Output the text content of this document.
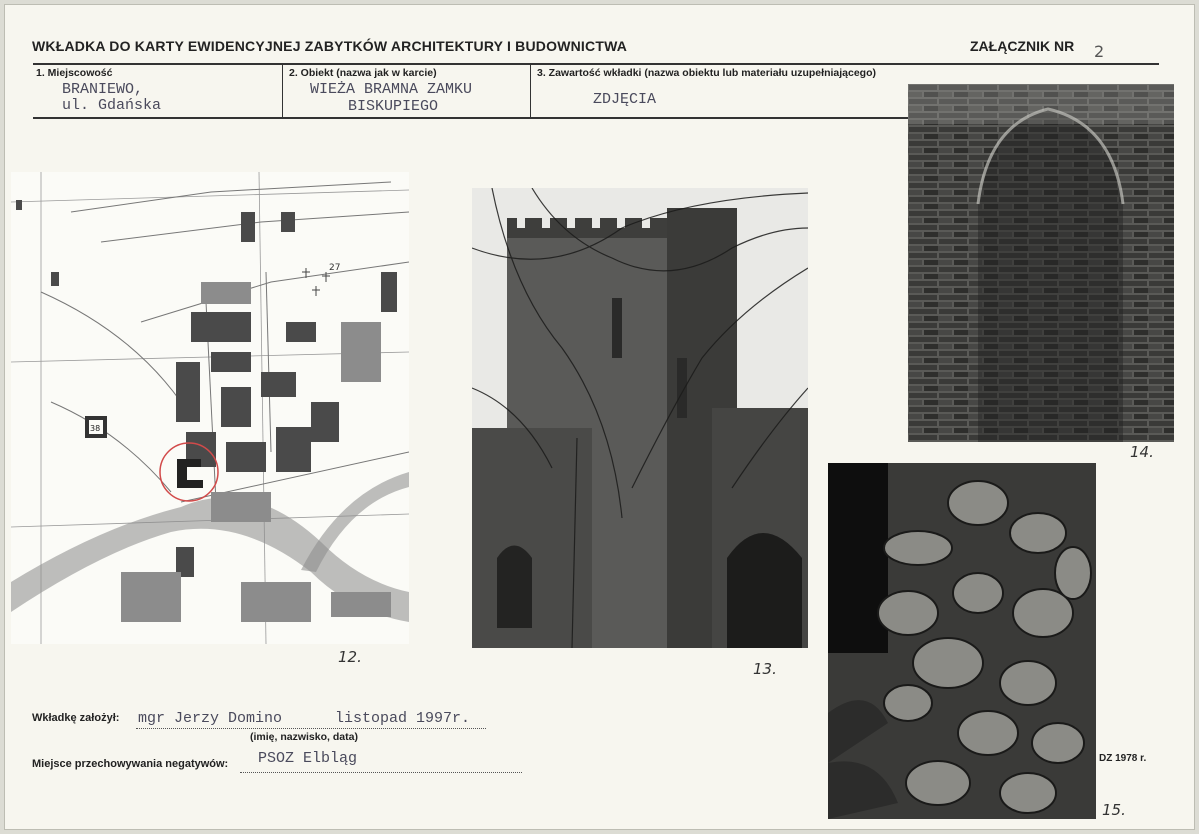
WKŁADKA DO KARTY EWIDENCYJNEJ ZABYTKÓW ARCHITEKTURY I BUDOWNICTWA	ZAŁĄCZNIK NR 2
1. Miejscowość
BRANIEWO,
ul. Gdańska
2. Obiekt (nazwa jak w karcie)
WIEŻA BRAMNA ZAMKU
BISKUPIEGO
3. Zawartość wkładki (nazwa obiektu lub materiału uzupełniającego)
ZDJĘCIA
27
38
12.
13.
14.
15.
Wkładkę założył: mgr Jerzy Domino	listopad 1997r.
(imię, nazwisko, data)
Miejsce przechowywania negatywów: PSOZ Elbląg	DZ 1978 r.
